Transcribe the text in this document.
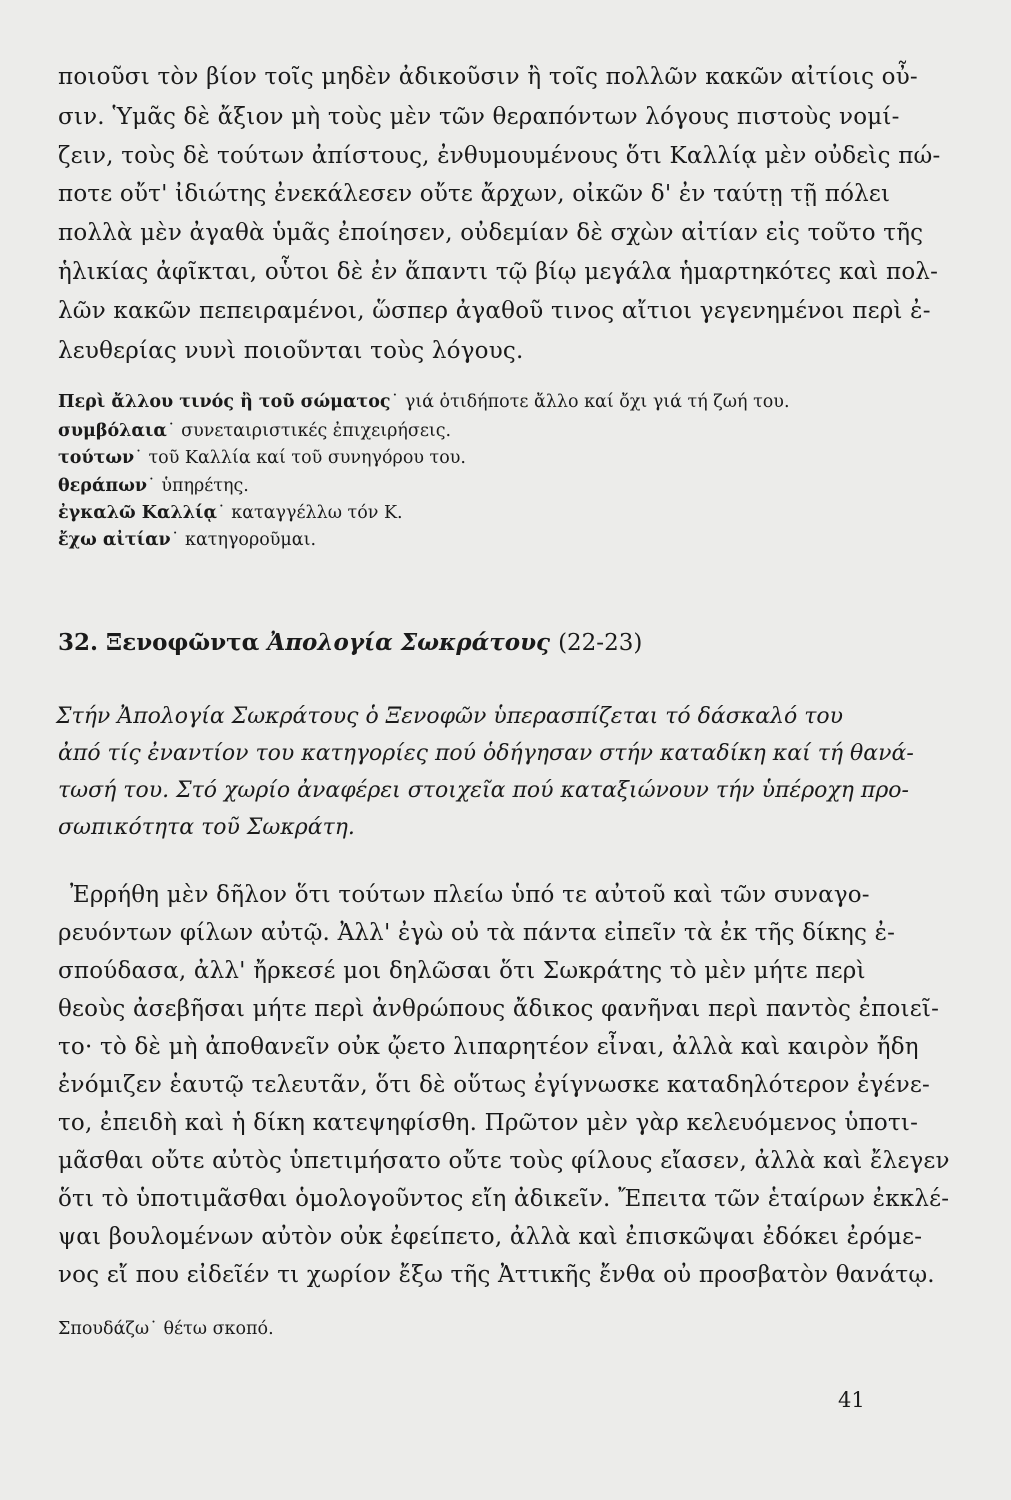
ποιοῦσι τὸν βίον τοῖς μηδὲν ἀδικοῦσιν ἢ τοῖς πολλῶν κακῶν αἰτίοις οὖ-
σιν. Ὑμᾶς δὲ ἄξιον μὴ τοὺς μὲν τῶν θεραπόντων λόγους πιστοὺς νομί-
ζειν, τοὺς δὲ τούτων ἀπίστους, ἐνθυμουμένους ὅτι Καλλίᾳ μὲν οὐδεὶς πώ-
ποτε οὔτ' ἰδιώτης ἐνεκάλεσεν οὔτε ἄρχων, οἰκῶν δ' ἐν ταύτῃ τῇ πόλει
πολλὰ μὲν ἀγαθὰ ὑμᾶς ἐποίησεν, οὐδεμίαν δὲ σχὼν αἰτίαν εἰς τοῦτο τῆς
ἡλικίας ἀφῖκται, οὗτοι δὲ ἐν ἅπαντι τῷ βίῳ μεγάλα ἡμαρτηκότες καὶ πολ-
λῶν κακῶν πεπειραμένοι, ὥσπερ ἀγαθοῦ τινος αἴτιοι γεγενημένοι περὶ ἐ-
λευθερίας νυνὶ ποιοῦνται τοὺς λόγους.
Περὶ ἄλλου τινός ἢ τοῦ σώματος˙ γιά ὁτιδήποτε ἄλλο καί ὄχι γιά τή ζωή του.
συμβόλαια˙ συνεταιριστικές ἐπιχειρήσεις.
τούτων˙ τοῦ Καλλία καί τοῦ συνηγόρου του.
θεράπων˙ ὑπηρέτης.
ἐγκαλῶ Καλλίᾳ˙ καταγγέλλω τόν Κ.
ἔχω αἰτίαν˙ κατηγοροῦμαι.
32. Ξενοφῶντα Ἀπολογία Σωκράτους (22-23)
Στήν Ἀπολογία Σωκράτους ὁ Ξενοφῶν ὑπερασπίζεται τό δάσκαλό του
ἀπό τίς ἐναντίον του κατηγορίες πού ὁδήγησαν στήν καταδίκη καί τή θανά-
τωσή του. Στό χωρίο ἀναφέρει στοιχεῖα πού καταξιώνουν τήν ὑπέροχη προ-
σωπικότητα τοῦ Σωκράτη.
Ἐρρήθη μὲν δῆλον ὅτι τούτων πλείω ὑπό τε αὐτοῦ καὶ τῶν συναγο-
ρευόντων φίλων αὐτῷ. Ἀλλ' ἐγὼ οὐ τὰ πάντα εἰπεῖν τὰ ἐκ τῆς δίκης ἐ-
σπούδασα, ἀλλ' ἤρκεσέ μοι δηλῶσαι ὅτι Σωκράτης τὸ μὲν μήτε περὶ
θεοὺς ἀσεβῆσαι μήτε περὶ ἀνθρώπους ἄδικος φανῆναι περὶ παντὸς ἐποιεῖ-
το· τὸ δὲ μὴ ἀποθανεῖν οὐκ ᾤετο λιπαρητέον εἶναι, ἀλλὰ καὶ καιρὸν ἤδη
ἐνόμιζεν ἑαυτῷ τελευτᾶν, ὅτι δὲ οὕτως ἐγίγνωσκε καταδηλότερον ἐγένε-
το, ἐπειδὴ καὶ ἡ δίκη κατεψηφίσθη. Πρῶτον μὲν γὰρ κελευόμενος ὑποτι-
μᾶσθαι οὔτε αὐτὸς ὑπετιμήσατο οὔτε τοὺς φίλους εἴασεν, ἀλλὰ καὶ ἔλεγεν
ὅτι τὸ ὑποτιμᾶσθαι ὁμολογοῦντος εἴη ἀδικεῖν. Ἔπειτα τῶν ἑταίρων ἐκκλέ-
ψαι βουλομένων αὐτὸν οὐκ ἐφείπετο, ἀλλὰ καὶ ἐπισκῶψαι ἐδόκει ἐρόμε-
νος εἴ που εἰδεῖέν τι χωρίον ἔξω τῆς Ἀττικῆς ἔνθα οὐ προσβατὸν θανάτῳ.
Σπουδάζω˙ θέτω σκοπό.
41
